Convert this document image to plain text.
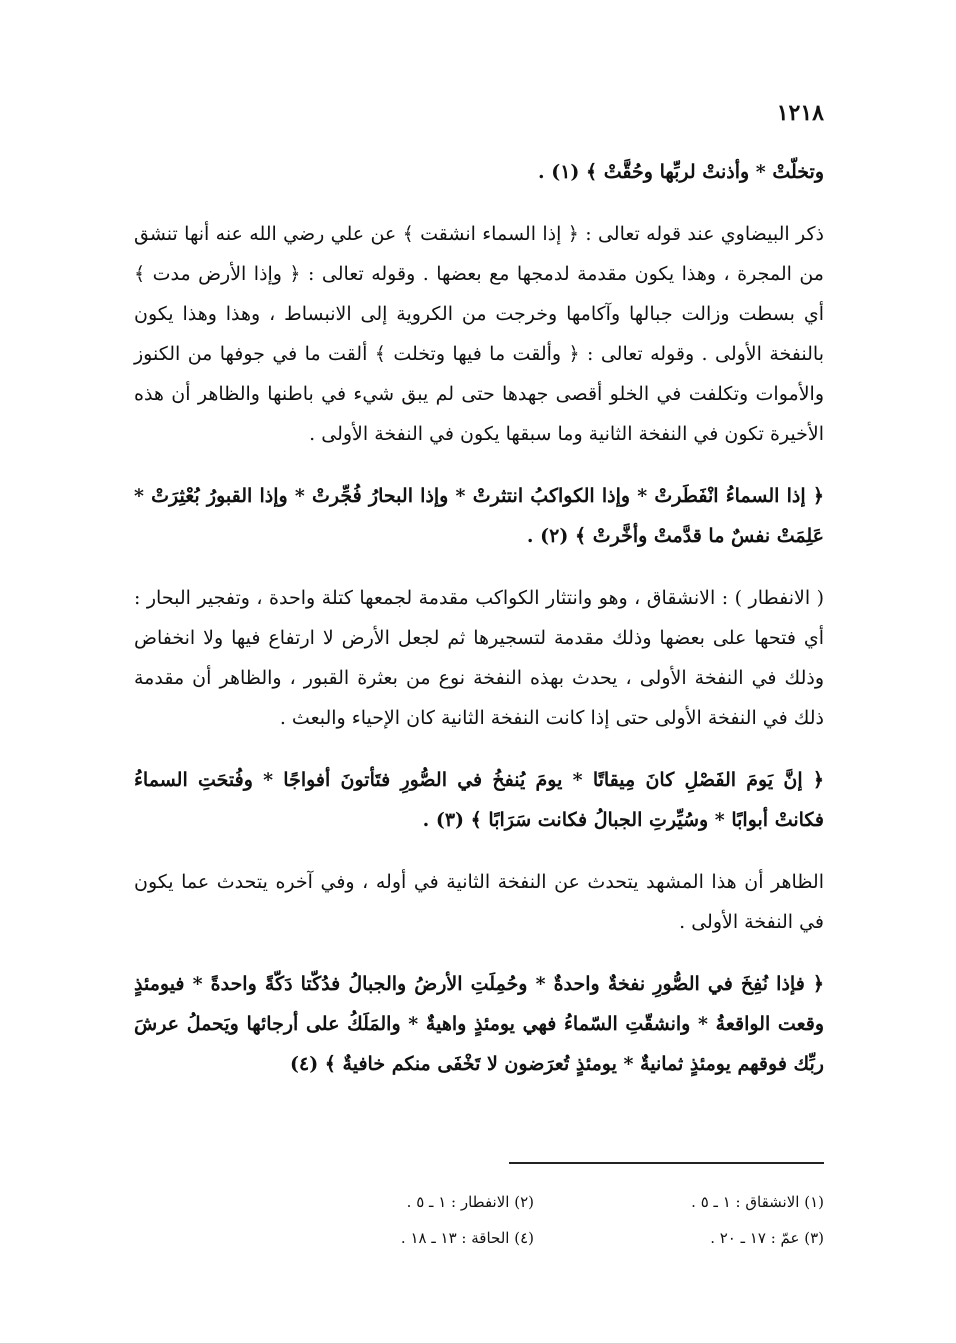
١٢١٨

وتخلّتْ * وأذنتْ لربِّها وحُقَّتْ ﴾ (١) .

ذكر البيضاوي عند قوله تعالى : ﴿ إذا السماء انشقت ﴾ عن علي رضي الله عنه أنها تنشق من المجرة ، وهذا يكون مقدمة لدمجها مع بعضها . وقوله تعالى : ﴿ وإذا الأرض مدت ﴾ أي بسطت وزالت جبالها وآكامها وخرجت من الكروية إلى الانبساط ، وهذا وهذا يكون بالنفخة الأولى . وقوله تعالى : ﴿ وألقت ما فيها وتخلت ﴾ ألقت ما في جوفها من الكنوز والأموات وتكلفت في الخلو أقصى جهدها حتى لم يبق شيء في باطنها والظاهر أن هذه الأخيرة تكون في النفخة الثانية وما سبقها يكون في النفخة الأولى .

﴿ إذا السماءُ انْفَطَرتْ * وإذا الكواكبُ انتثرتْ * وإذا البحارُ فُجِّرتْ * وإذا القبورُ بُعْثِرَتْ * عَلِمَتْ نفسٌ ما قدَّمتْ وأخَّرتْ ﴾ (٢) .

( الانفطار ) : الانشقاق ، وهو وانتثار الكواكب مقدمة لجمعها كتلة واحدة ، وتفجير البحار : أي فتحها على بعضها وذلك مقدمة لتسجيرها ثم لجعل الأرض لا ارتفاع فيها ولا انخفاض وذلك في النفخة الأولى ، يحدث بهذه النفخة نوع من بعثرة القبور ، والظاهر أن مقدمة ذلك في النفخة الأولى حتى إذا كانت النفخة الثانية كان الإحياء والبعث .

﴿ إنَّ يَومَ الفَصْلِ كانَ مِيقاتًا * يومَ يُنفخُ في الصُّورِ فتَأتونَ أفواجًا * وفُتحَتِ السماءُ فكانتْ أبوابًا * وسُيِّرتِ الجبالُ فكانت سَرَابًا ﴾ (٣) .

الظاهر أن هذا المشهد يتحدث عن النفخة الثانية في أوله ، وفي آخره يتحدث عما يكون في النفخة الأولى .

﴿ فإذا نُفِخَ في الصُّورِ نفخةٌ واحدةٌ * وحُمِلَتِ الأرضُ والجبالُ فدُكّتا دَكّةً واحدةً * فيومئذٍ وقعت الواقعةُ * وانشقّتِ السّماءُ فهي يومئذٍ واهيةٌ * والمَلَكُ على أرجائها ويَحملُ عرشَ ربِّك فوقهم يومئذٍ ثمانيةٌ * يومئذٍ تُعرَضون لا تَخْفَى منكم خافيةٌ ﴾ (٤)

(١) الانشقاق : ١ ـ ٥ .
(٢) الانفطار : ١ ـ ٥ .
(٣) عمّ : ١٧ ـ ٢٠ .
(٤) الحاقة : ١٣ ـ ١٨ .
